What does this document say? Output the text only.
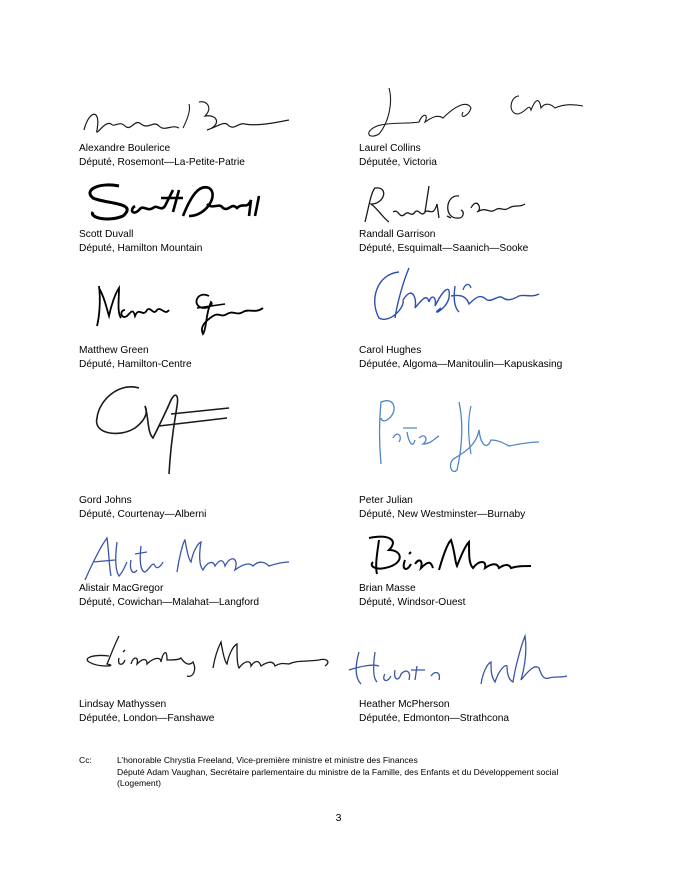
Alexandre Boulerice
Député, Rosemont—La-Petite-Patrie
Laurel Collins
Députée, Victoria
Scott Duvall
Député, Hamilton Mountain
Randall Garrison
Député, Esquimalt—Saanich—Sooke
Matthew Green
Député, Hamilton-Centre
Carol Hughes
Députée, Algoma—Manitoulin—Kapuskasing
Gord Johns
Député, Courtenay—Alberni
Peter Julian
Député, New Westminster—Burnaby
Alistair MacGregor
Député, Cowichan—Malahat—Langford
Brian Masse
Député, Windsor-Ouest
Lindsay Mathyssen
Députée, London—Fanshawe
Heather McPherson
Députée, Edmonton—Strathcona
Cc:	L’honorable Chrystia Freeland, Vice-première ministre et ministre des Finances
Député Adam Vaughan, Secrétaire parlementaire du ministre de la Famille, des Enfants et du Développement social
(Logement)
3
